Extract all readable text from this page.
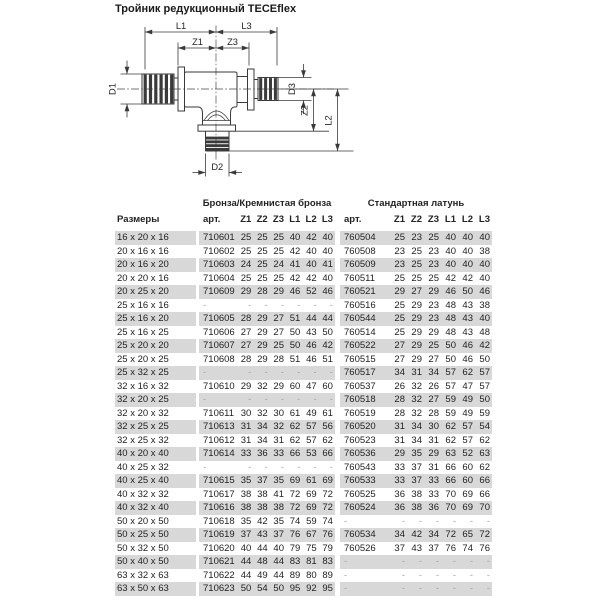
Тройник редукционный TECEflex
L1	L3
Z1	Z3
D1	D3
Z2
L2
D2
Бронза/Кремнистая бронза	Стандартная латунь
Размеры	арт.	Z1 Z2 Z3 L1 L2 L3	арт.	Z1 Z2 Z3 L1 L2 L3
16 x 20 x 16	710601 25 25 25 40 42 40	760504	25 23 25 40 40 40
20 x 16 x 16	710602 25 25 25 42 40 40	760508	23 25 23 40 40 38
20 x 16 x 20	710603 24 25 24 41 40 41	760509	23 25 23 40 40 40
20 x 20 x 16	710604 25 25 25 42 42 40	760511	25 25 25 42 42 40
20 x 25 x 20	710609 29 28 29 46 52 46	760521	29 27 29 46 50 46
25 x 16 x 16	-	-	-	-	-	-	-	760516	25 29 23 48 43 38
25 x 16 x 20	710605 28 29 27 51 44 44	760544	25 29 23 48 43 40
25 x 16 x 25	710606 27 29 27 50 43 50	760514	25 29 29 48 43 48
25 x 20 x 20	710607 27 29 25 50 46 42	760522	27 29 25 50 46 42
25 x 20 x 25	710608 28 29 28 51 46 51	760515	27 29 27 50 46 50
25 x 32 x 25	-	-	-	-	-	-	-	760517	34 31 34 57 62 57
32 x 16 x 32	710610 29 32 29 60 47 60	760537	26 32 26 57 47 57
32 x 20 x 25	-	-	-	-	-	-	-	760518	28 32 27 59 49 50
32 x 20 x 32	710611 30 32 30 61 49 61	760519	28 32 28 59 49 59
32 x 25 x 25	710613 31 34 32 62 57 56	760520	31 34 30 62 57 54
32 x 25 x 32	710612 31 34 31 62 57 62	760523	31 34 31 62 57 62
40 x 20 x 40	710614 33 36 33 66 53 66	760536	29 35 29 63 52 63
40 x 25 x 32	-	-	-	-	-	-	-	760543	33 37 31 66 60 62
40 x 25 x 40	710615 35 37 35 69 61 69	760533	33 37 33 66 60 66
40 x 32 x 32	710617 38 38 41 72 69 72	760525	36 38 33 70 69 66
40 x 32 x 40	710616 38 38 38 72 69 72	760524	36 38 36 70 69 70
50 x 20 x 50	710618 35 42 35 74 59 74	-	-	-	-	-	-	-
50 x 25 x 50	710619 37 43 37 76 67 76	760534	34 42 34 72 65 72
50 x 32 x 50	710620 40 44 40 79 75 79	760526	37 43 37 76 74 76
50 x 40 x 50	710621 44 48 44 83 81 83	-	-	-	-	-	-	-
63 x 32 x 63	710622 44 49 44 89 80 89	-	-	-	-	-	-	-
63 x 50 x 63	710623 50 54 50 95 92 95	-	-	-	-	-	-	-
